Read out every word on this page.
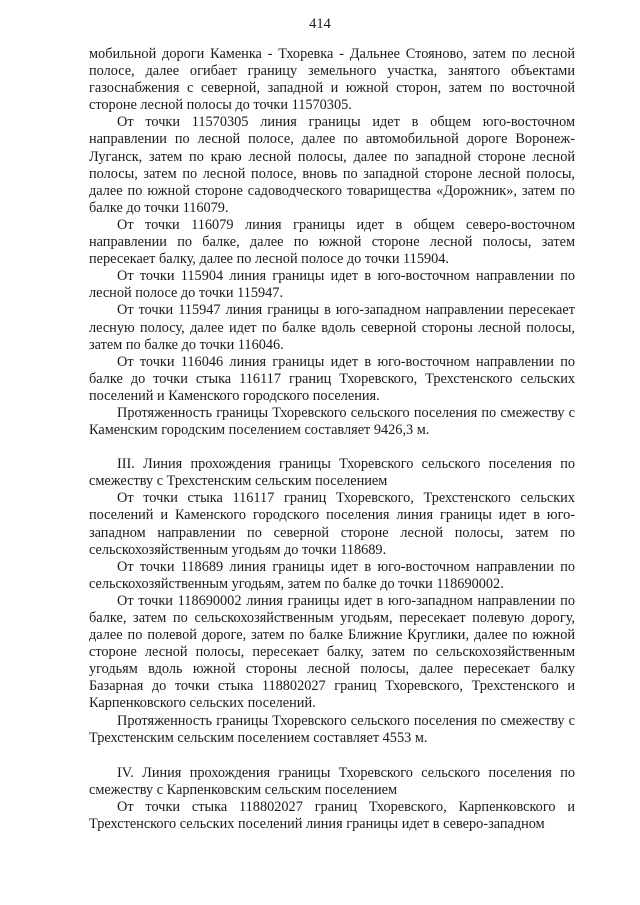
414

мобильной дороги Каменка - Тхоревка - Дальнее Стояново, затем по лесной полосе, далее огибает границу земельного участка, занятого объектами газоснабжения с северной, западной и южной сторон, затем по восточной стороне лесной полосы до точки 11570305.

От точки 11570305 линия границы идет в общем юго-восточном направлении по лесной полосе, далее по автомобильной дороге Воронеж-Луганск, затем по краю лесной полосы, далее по западной стороне лесной полосы, затем по лесной полосе, вновь по западной стороне лесной полосы, далее по южной стороне садоводческого товарищества «Дорожник», затем по балке до точки 116079.

От точки 116079 линия границы идет в общем северо-восточном направлении по балке, далее по южной стороне лесной полосы, затем пересекает балку, далее по лесной полосе до точки 115904.

От точки 115904 линия границы идет в юго-восточном направлении по лесной полосе до точки 115947.

От точки 115947 линия границы в юго-западном направлении пересекает лесную полосу, далее идет по балке вдоль северной стороны лесной полосы, затем по балке до точки 116046.

От точки 116046 линия границы идет в юго-восточном направлении по балке до точки стыка 116117 границ Тхоревского, Трехстенского сельских поселений и Каменского городского поселения.

Протяженность границы Тхоревского сельского поселения по смежеству с Каменским городским поселением составляет 9426,3 м.

III. Линия прохождения границы Тхоревского сельского поселения по смежеству с Трехстенским сельским поселением

От точки стыка 116117 границ Тхоревского, Трехстенского сельских поселений и Каменского городского поселения линия границы идет в юго-западном направлении по северной стороне лесной полосы, затем по сельскохозяйственным угодьям до точки 118689.

От точки 118689 линия границы идет в юго-восточном направлении по сельскохозяйственным угодьям, затем по балке до точки 118690002.

От точки 118690002 линия границы идет в юго-западном направлении по балке, затем по сельскохозяйственным угодьям, пересекает полевую дорогу, далее по полевой дороге, затем по балке Ближние Круглики, далее по южной стороне лесной полосы, пересекает балку, затем по сельскохозяйственным угодьям вдоль южной стороны лесной полосы, далее пересекает балку Базарная до точки стыка 118802027 границ Тхоревского, Трехстенского и Карпенковского сельских поселений.

Протяженность границы Тхоревского сельского поселения по смежеству с Трехстенским сельским поселением составляет 4553 м.

IV. Линия прохождения границы Тхоревского сельского поселения по смежеству с Карпенковским сельским поселением

От точки стыка 118802027 границ Тхоревского, Карпенковского и Трехстенского сельских поселений линия границы идет в северо-западном
